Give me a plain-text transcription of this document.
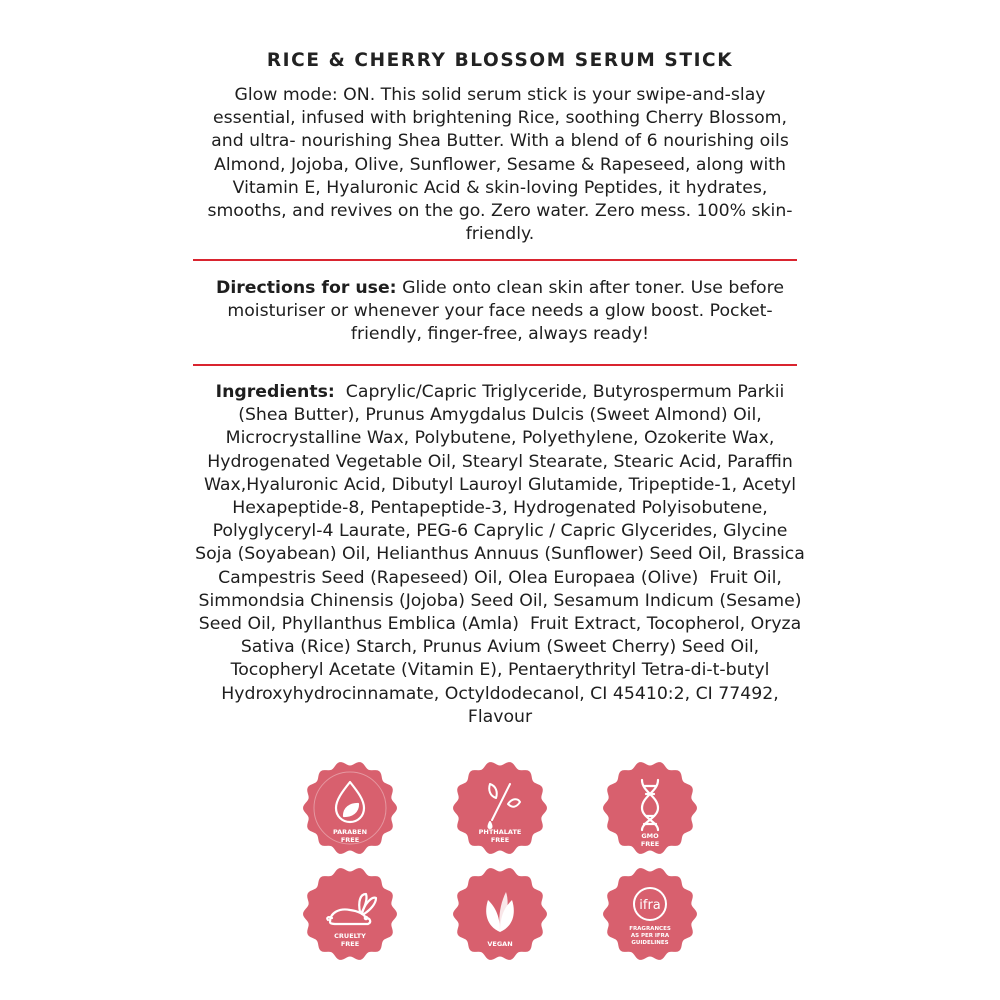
RICE & CHERRY BLOSSOM SERUM STICK
Glow mode: ON. This solid serum stick is your swipe-and-slay essential, infused with brightening Rice, soothing Cherry Blossom, and ultra- nourishing Shea Butter. With a blend of 6 nourishing oils Almond, Jojoba, Olive, Sunflower, Sesame & Rapeseed, along with Vitamin E, Hyaluronic Acid & skin-loving Peptides, it hydrates, smooths, and revives on the go. Zero water. Zero mess. 100% skin-friendly.
Directions for use: Glide onto clean skin after toner. Use before moisturiser or whenever your face needs a glow boost. Pocket-friendly, finger-free, always ready!
Ingredients:  Caprylic/Capric Triglyceride, Butyrospermum Parkii (Shea Butter), Prunus Amygdalus Dulcis (Sweet Almond) Oil, Microcrystalline Wax, Polybutene, Polyethylene, Ozokerite Wax, Hydrogenated Vegetable Oil, Stearyl Stearate, Stearic Acid, Paraffin Wax,Hyaluronic Acid, Dibutyl Lauroyl Glutamide, Tripeptide-1, Acetyl Hexapeptide-8, Pentapeptide-3, Hydrogenated Polyisobutene, Polyglyceryl-4 Laurate, PEG-6 Caprylic / Capric Glycerides, Glycine Soja (Soyabean) Oil, Helianthus Annuus (Sunflower) Seed Oil, Brassica Campestris Seed (Rapeseed) Oil, Olea Europaea (Olive)  Fruit Oil, Simmondsia Chinensis (Jojoba) Seed Oil, Sesamum Indicum (Sesame) Seed Oil, Phyllanthus Emblica (Amla)  Fruit Extract, Tocopherol, Oryza Sativa (Rice) Starch, Prunus Avium (Sweet Cherry) Seed Oil, Tocopheryl Acetate (Vitamin E), Pentaerythrityl Tetra-di-t-butyl Hydroxyhydrocinnamate, Octyldodecanol, CI 45410:2, CI 77492, Flavour
PARABEN
FREE
PHTHALATE
FREE	GMO
FREE
CRUELTY
FREE	VEGAN
ifra
FRAGRANCES
AS PER IFRA
GUIDELINES
